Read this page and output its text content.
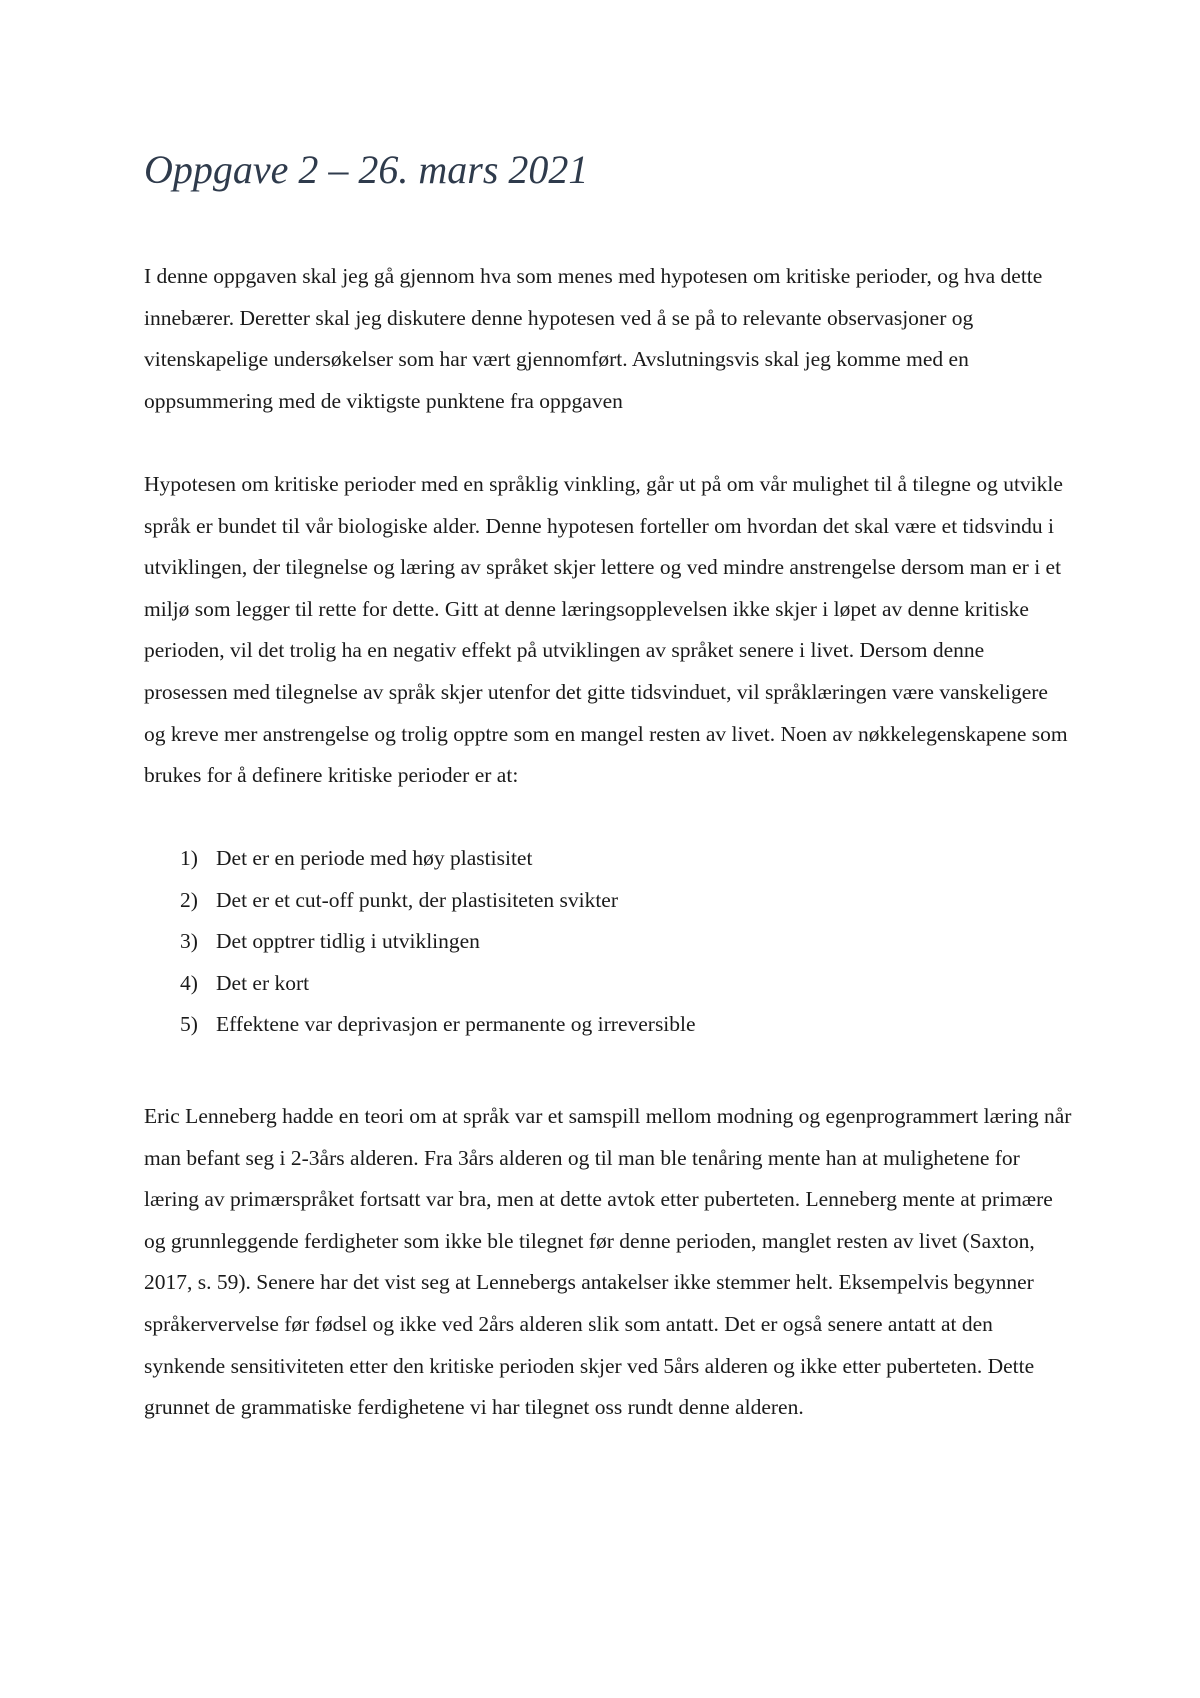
Oppgave 2 – 26. mars 2021

I denne oppgaven skal jeg gå gjennom hva som menes med hypotesen om kritiske perioder, og hva dette innebærer. Deretter skal jeg diskutere denne hypotesen ved å se på to relevante observasjoner og vitenskapelige undersøkelser som har vært gjennomført. Avslutningsvis skal jeg komme med en oppsummering med de viktigste punktene fra oppgaven

Hypotesen om kritiske perioder med en språklig vinkling, går ut på om vår mulighet til å tilegne og utvikle språk er bundet til vår biologiske alder. Denne hypotesen forteller om hvordan det skal være et tidsvindu i utviklingen, der tilegnelse og læring av språket skjer lettere og ved mindre anstrengelse dersom man er i et miljø som legger til rette for dette. Gitt at denne læringsopplevelsen ikke skjer i løpet av denne kritiske perioden, vil det trolig ha en negativ effekt på utviklingen av språket senere i livet. Dersom denne prosessen med tilegnelse av språk skjer utenfor det gitte tidsvinduet, vil språklæringen være vanskeligere og kreve mer anstrengelse og trolig opptre som en mangel resten av livet. Noen av nøkkelegenskapene som brukes for å definere kritiske perioder er at:

1) Det er en periode med høy plastisitet
2) Det er et cut-off punkt, der plastisiteten svikter
3) Det opptrer tidlig i utviklingen
4) Det er kort
5) Effektene var deprivasjon er permanente og irreversible

Eric Lenneberg hadde en teori om at språk var et samspill mellom modning og egenprogrammert læring når man befant seg i 2-3års alderen. Fra 3års alderen og til man ble tenåring mente han at mulighetene for læring av primærspråket fortsatt var bra, men at dette avtok etter puberteten. Lenneberg mente at primære og grunnleggende ferdigheter som ikke ble tilegnet før denne perioden, manglet resten av livet (Saxton, 2017, s. 59). Senere har det vist seg at Lennebergs antakelser ikke stemmer helt. Eksempelvis begynner språkervervelse før fødsel og ikke ved 2års alderen slik som antatt. Det er også senere antatt at den synkende sensitiviteten etter den kritiske perioden skjer ved 5års alderen og ikke etter puberteten. Dette grunnet de grammatiske ferdighetene vi har tilegnet oss rundt denne alderen.
